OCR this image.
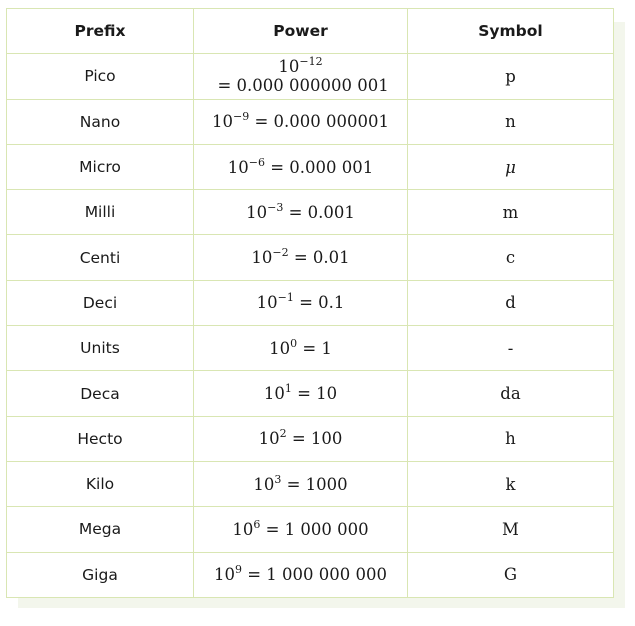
Prefix	Power	Symbol
Pico	$10^{-12} = 0.000$ 000000 001	p
Nano	$10^{-9} = 0.000$ 000001	n
Micro	$10^{-6} = 0.000$ 001	μ
Milli	$10^{-3} = 0.001$	m
Centi	$10^{-2} = 0.01$	c
Deci	$10^{-1} = 0.1$	d
Units	$10^0 = 1$	-
Deca	$10^1 = 10$	da
Hecto	$10^2 = 100$	h
Kilo	$10^3 = 1000$	k
Mega	$10^6 = 1$ 000 000	M
Giga	$10^9 = 1$ 000 000 000	G
